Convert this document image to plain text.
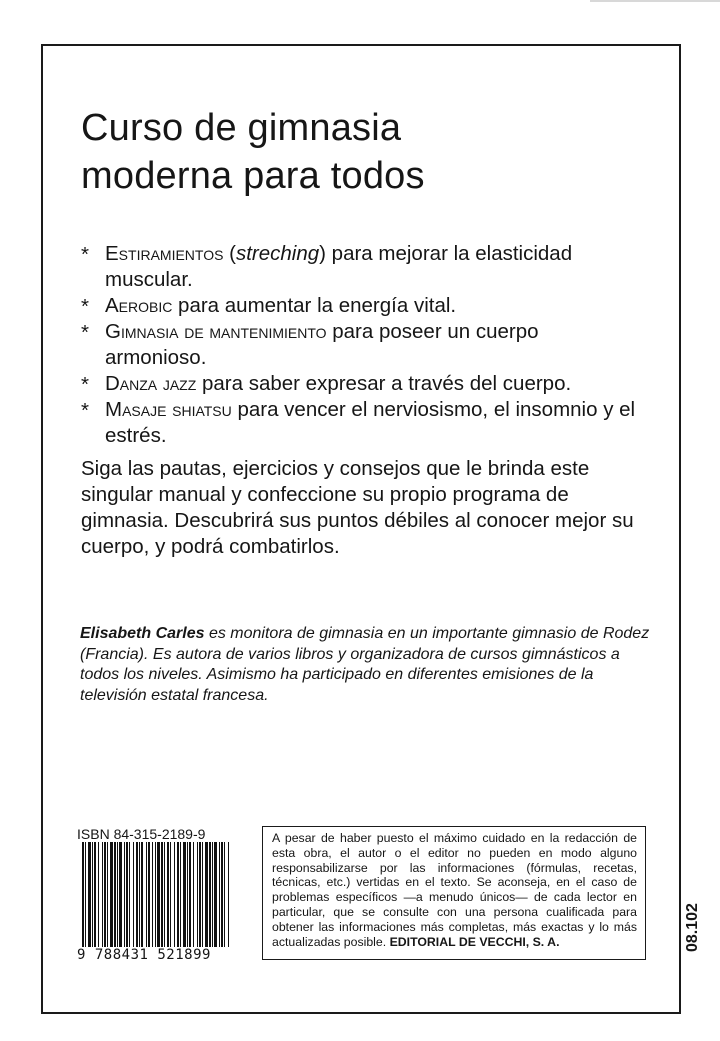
Curso de gimnasia
moderna para todos
* Estiramientos (streching) para mejorar la elasticidad muscular.
* Aerobic para aumentar la energía vital.
* Gimnasia de mantenimiento para poseer un cuerpo armonioso.
* Danza jazz para saber expresar a través del cuerpo.
* Masaje shiatsu para vencer el nerviosismo, el insomnio y el estrés.

Siga las pautas, ejercicios y consejos que le brinda este singular manual y confeccione su propio programa de gimnasia. Descubrirá sus puntos débiles al conocer mejor su cuerpo, y podrá combatirlos.

Elisabeth Carles es monitora de gimnasia en un importante gimnasio de Rodez (Francia). Es autora de varios libros y organizadora de cursos gimnásticos a todos los niveles. Asimismo ha participado en diferentes emisiones de la televisión estatal francesa.

ISBN 84-315-2189-9
9 788431 521899
A pesar de haber puesto el máximo cuidado en la redacción de esta obra, el autor o el editor no pueden en modo alguno responsabilizarse por las informaciones (fórmulas, recetas, técnicas, etc.) vertidas en el texto. Se aconseja, en el caso de problemas específicos —a menudo únicos— de cada lector en particular, que se consulte con una persona cualificada para obtener las informaciones más completas, más exactas y lo más actualizadas posible. EDITORIAL DE VECCHI, S. A.	08.102
